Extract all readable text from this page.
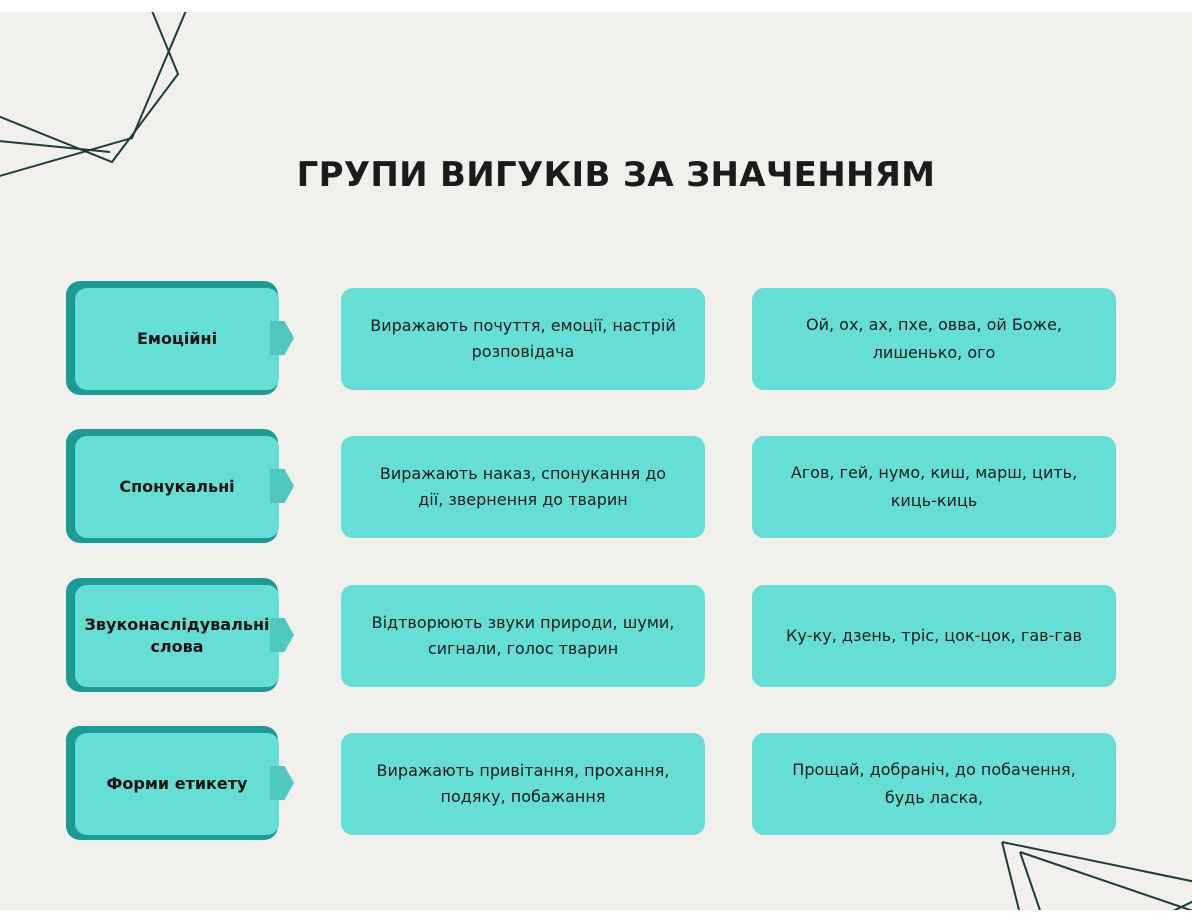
ГРУПИ ВИГУКІВ ЗА ЗНАЧЕННЯМ
Емоційні
Виражають почуття, емоції, настрій розповідача
Ой, ох, ах, пхе, овва, ой Боже, лишенько, ого
Спонукальні
Виражають наказ, спонукання до дії, звернення до тварин
Агов, гей, нумо, киш, марш, цить, киць-киць
Звуконаслідувальні слова
Відтворюють звуки природи, шуми, сигнали, голос тварин
Ку-ку, дзень, тріс, цок-цок, гав-гав
Форми етикету
Виражають привітання, прохання, подяку, побажання
Прощай, добраніч, до побачення, будь ласка,
